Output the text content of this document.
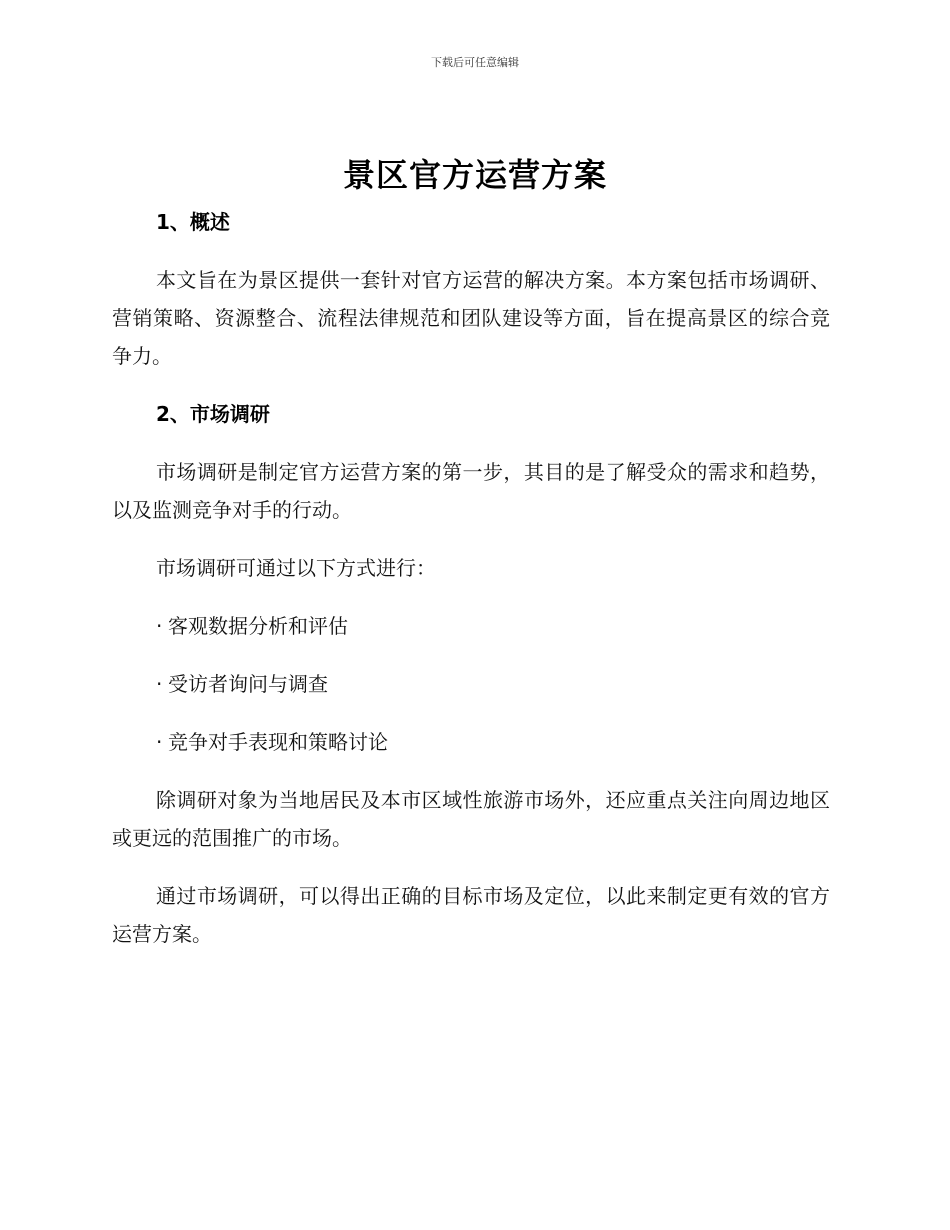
下载后可任意编辑
景区官方运营方案
1、概述

本文旨在为景区提供一套针对官方运营的解决方案。本方案包括市场调研、营销策略、资源整合、流程法律规范和团队建设等方面，旨在提高景区的综合竞争力。

2、市场调研

市场调研是制定官方运营方案的第一步，其目的是了解受众的需求和趋势，以及监测竞争对手的行动。

市场调研可通过以下方式进行：

· 客观数据分析和评估
· 受访者询问与调查
· 竞争对手表现和策略讨论

除调研对象为当地居民及本市区域性旅游市场外，还应重点关注向周边地区或更远的范围推广的市场。

通过市场调研，可以得出正确的目标市场及定位，以此来制定更有效的官方运营方案。
